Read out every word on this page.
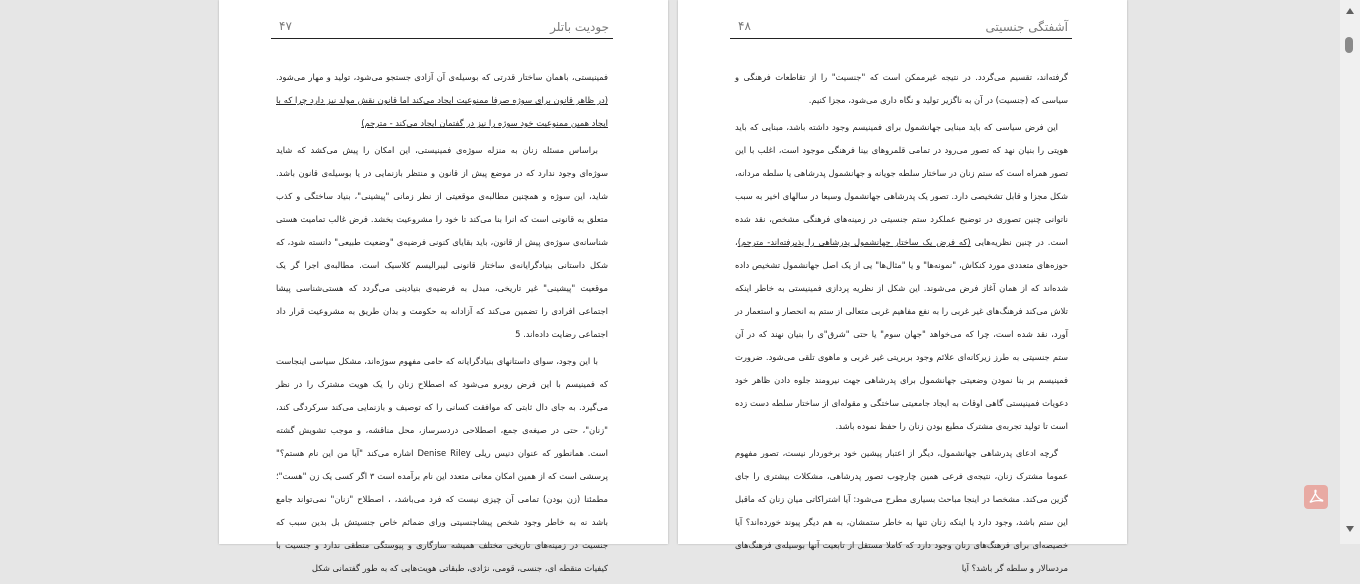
جودیت باتلر
۴۷

فمینیستی، باهمان ساختار قدرتی که بوسیله‌ی آن آزادی جستجو می‌شود، تولید و مهار می‌شود. (در ظاهر قانون برای سوژه صرفا ممنوعیت ایجاد می‌کند اما قانون نقش مولد نیز دارد چرا که با ایجاد همین ممنوعیت خود سوژه را نیز در گفتمان ایجاد می‌کند - مترجم)

براساس مسئله زنان به منزله سوژه‌ی فمینیستی، این امکان را پیش می‌کشد که شاید سوژه‌ای وجود ندارد که در موضع پیش از قانون و منتظر بازنمایی در یا بوسیله‌ی قانون باشد. شاید، این سوژه و همچنین مطالبه‌ی موقعیتی از نظر زمانی "پیشینی"، بنیاد ساختگی و کذب متعلق به قانونی است که انرا بنا می‌کند تا خود را مشروعیت بخشد. فرض غالب تمامیت هستی شناسانه‌ی سوژه‌ی پیش از قانون، باید بقایای کنونی فرضیه‌ی "وضعیت طبیعی" دانسته شود، که شکل داستانی بنیادگرایانه‌ی ساختار قانونی لیبرالیسم کلاسیک است. مطالبه‌ی اجرا گر یک موقعیت "پیشینی" غیر تاریخی، مبدل به فرضیه‌ی بنیادینی می‌گردد که هستی‌شناسی پیشا اجتماعی افرادی را تضمین می‌کند که آزادانه به حکومت و بدان طریق به مشروعیت قرار داد اجتماعی رضایت داده‌اند. 5

با این وجود، سوای داستانهای بنیادگرایانه که حامی مفهوم سوژه‌اند، مشکل سیاسی اینجاست که فمینیسم با این فرض روبرو می‌شود که اصطلاح زنان را یک هویت مشترک را در نظر می‌گیرد. به جای دال ثابتی که موافقت کسانی را که توصیف و بازنمایی می‌کند سرکردگی کند، "زنان"، حتی در صیغه‌ی جمع، اصطلاحی دردسرساز، محل مناقشه، و موجب تشویش گشته است. همانطور که عنوان دنیس ریلی Denise Riley اشاره می‌کند "آیا من این نام هستم؟" پرسشی است که از همین امکان معانی متعدد این نام برآمده است ۳ اگر کسی یک زن "هست"؛ مطمئنا (زن بودن) تمامی آن چیزی نیست که فرد می‌باشد، ، اصطلاح "زنان" نمی‌تواند جامع باشد نه به خاطر وجود شخص پیشاجنسیتی ورای ضمائم خاص جنسیتش بل بدین سبب که جنسیت در زمینه‌های تاریخی مختلف همیشه سازگاری و پیوستگی منطقی ندارد و جنسیت با کیفیات منقطه ای، جنسی، قومی، نژادی، طبقاتی هویت‌هایی که به طور گفتمانی شکل

آشفتگی جنسیتی
۴۸

گرفته‌اند، تقسیم می‌گردد. در نتیجه غیرممکن است که "جنسیت" را از تقاطعات فرهنگی و سیاسی که (جنسیت) در آن به ناگزیر تولید و نگاه داری می‌شود، مجزا کنیم.

این فرض سیاسی که باید مبنایی جهانشمول برای فمینیسم وجود داشته باشد، مبنایی که باید هویتی را بنیان نهد که تصور می‌رود در تمامی قلمروهای بینا فرهنگی موجود است، اغلب با این تصور همراه است که ستم زنان در ساختار سلطه جویانه و جهانشمول پدرشاهی یا سلطه مردانه، شکل مجزا و قابل تشخیصی دارد. تصور یک پدرشاهی جهانشمول وسیعا در سالهای اخیر به سبب ناتوانی چنین تصوری در توضیح عملکرد ستم جنسیتی در زمینه‌های فرهنگی مشخص، نقد شده است. در چنین نظریه‌هایی (که فرض یک ساختار جهانشمول پدرشاهی را پذیرفته‌اند- مترجم)، حوزه‌های متعددی مورد کنکاش، "نمونه‌ها" و یا "مثال‌ها" یی از یک اصل جهانشمول تشخیص داده شده‌اند که از همان آغاز فرض می‌شوند. این شکل از نظریه پردازی فمینیستی به خاطر اینکه تلاش می‌کند فرهنگ‌های غیر غربی را به نفع مفاهیم غربی متعالی از ستم به انحصار و استعمار در آورد، نقد شده است، چرا که می‌خواهد "جهان سوم" یا حتی "شرق"ی را بنیان نهند که در آن ستم جنسیتی به طرز زیرکانه‌ای علائم وجود بربریتی غیر غربی و ماهوی تلقی می‌شود. ضرورت فمینیسم بر بنا نمودن وضعیتی جهانشمول برای پدرشاهی جهت نیرومند جلوه دادن ظاهر خود دعویات فمینیستی گاهی اوقات به ایجاد جامعیتی ساختگی و مقوله‌ای از ساختار سلطه دست زده است تا تولید تجربه‌ی مشترک مطیع بودن زنان را حفظ نموده باشد.

گرچه ادعای پدرشاهی جهانشمول، دیگر از اعتبار پیشین خود برخوردار نیست، تصور مفهوم عموما مشترک زنان، نتیجه‌ی فرعی همین چارچوب تصور پدرشاهی، مشکلات بیشتری را جای گزین می‌کند. مشخصا در اینجا مباحث بسیاری مطرح می‌شود: آیا اشتراکاتی میان زنان که ماقبل این ستم باشد، وجود دارد یا اینکه زنان تنها به خاطر ستمشان، به هم دیگر پیوند خورده‌اند؟ آیا خصیصه‌ای برای فرهنگ‌های زنان وجود دارد که کاملا مستقل از تابعیت آنها بوسیله‌ی فرهنگ‌های مردسالار و سلطه گر باشد؟ آیا
